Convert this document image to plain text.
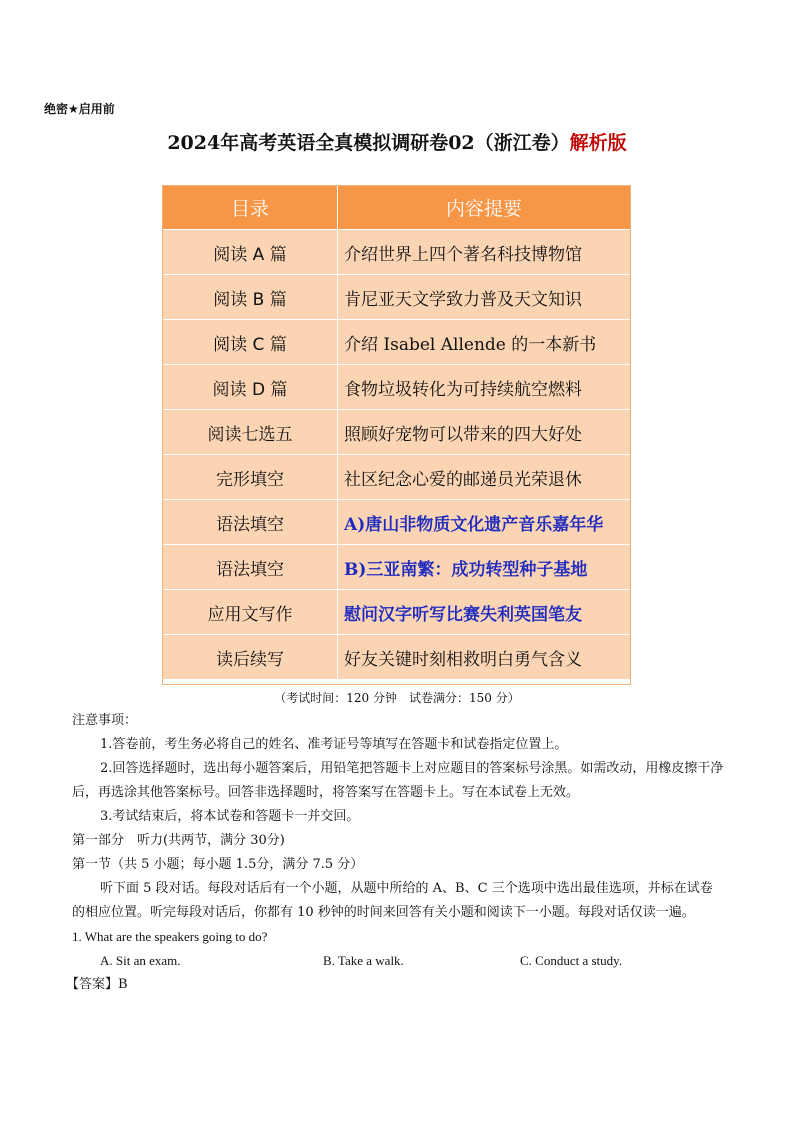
绝密★启用前
2024年高考英语全真模拟调研卷02（浙江卷）解析版
目录	内容提要
阅读 A 篇	介绍世界上四个著名科技博物馆
阅读 B 篇	肯尼亚天文学致力普及天文知识
阅读 C 篇	介绍 Isabel Allende 的一本新书
阅读 D 篇	食物垃圾转化为可持续航空燃料
阅读七选五	照顾好宠物可以带来的四大好处
完形填空	社区纪念心爱的邮递员光荣退休
语法填空	A)唐山非物质文化遗产音乐嘉年华
语法填空	B)三亚南繁：成功转型种子基地
应用文写作	慰问汉字听写比赛失利英国笔友
读后续写	好友关键时刻相救明白勇气含义
（考试时间：120 分钟　试卷满分：150 分）

注意事项：

1.答卷前，考生务必将自己的姓名、准考证号等填写在答题卡和试卷指定位置上。

2.回答选择题时，选出每小题答案后，用铅笔把答题卡上对应题目的答案标号涂黑。如需改动，用橡皮擦干净后，再选涂其他答案标号。回答非选择题时，将答案写在答题卡上。写在本试卷上无效。

3.考试结束后，将本试卷和答题卡一并交回。

第一部分　听力(共两节，满分 30分)

第一节（共 5 小题；每小题 1.5分，满分 7.5 分）

听下面 5 段对话。每段对话后有一个小题，从题中所给的 A、B、C 三个选项中选出最佳选项，并标在试卷的相应位置。听完每段对话后，你都有 10 秒钟的时间来回答有关小题和阅读下一小题。每段对话仅读一遍。

1. What are the speakers going to do?

A. Sit an exam.	B. Take a walk.	C. Conduct a study.

【答案】B
